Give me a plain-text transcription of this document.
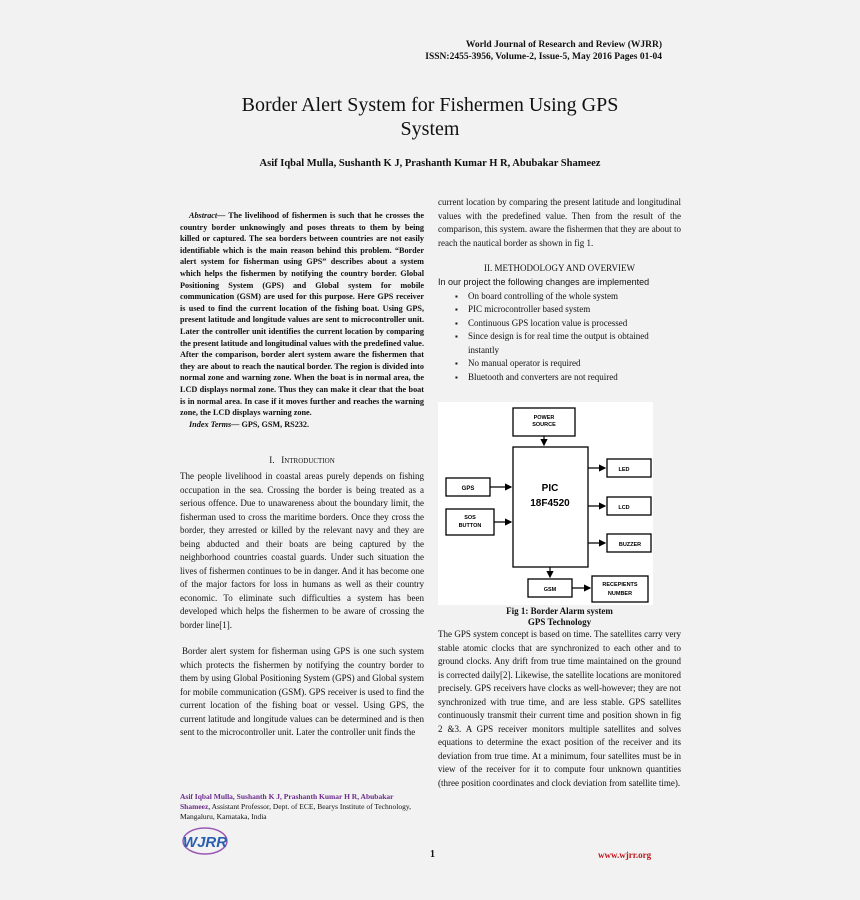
World Journal of Research and Review (WJRR)
ISSN:2455-3956, Volume-2, Issue-5, May 2016 Pages 01-04
Border Alert System for Fishermen Using GPS
System
Asif Iqbal Mulla, Sushanth K J, Prashanth Kumar H R, Abubakar Shameez
Abstract— The livelihood of fishermen is such that he crosses the country border unknowingly and poses threats to them by being killed or captured. The sea borders between countries are not easily identifiable which is the main reason behind this problem. “Border alert system for fisherman using GPS” describes about a system which helps the fishermen by notifying the country border. Global Positioning System (GPS) and Global system for mobile communication (GSM) are used for this purpose. Here GPS receiver is used to find the current location of the fishing boat. Using GPS, present latitude and longitude values are sent to microcontroller unit. Later the controller unit identifies the current location by comparing the present latitude and longitudinal values with the predefined value. After the comparison, border alert system aware the fishermen that they are about to reach the nautical border. The region is divided into normal zone and warning zone. When the boat is in normal area, the LCD displays normal zone. Thus they can make it clear that the boat is in normal area. In case if it moves further and reaches the warning zone, the LCD displays warning zone.
Index Terms— GPS, GSM, RS232.
I. INTRODUCTION
The people livelihood in coastal areas purely depends on fishing occupation in the sea. Crossing the border is being treated as a serious offence. Due to unawareness about the boundary limit, the fisherman used to cross the maritime borders. Once they cross the border, they arrested or killed by the relevant navy and they are being abducted and their boats are being captured by the neighborhood countries coastal guards. Under such situation the lives of fishermen continues to be in danger. And it has become one of the major factors for loss in humans as well as their country economic. To eliminate such difficulties a system has been developed which helps the fishermen to be aware of crossing the border line[1].
Border alert system for fisherman using GPS is one such system which protects the fishermen by notifying the country border to them by using Global Positioning System (GPS) and Global system for mobile communication (GSM). GPS receiver is used to find the current location of the fishing boat or vessel. Using GPS, the current latitude and longitude values can be determined and is then sent to the microcontroller unit. Later the controller unit finds the
Asif Iqbal Mulla, Sushanth K J, Prashanth Kumar H R, Abubakar Shameez, Assistant Professor, Dept. of ECE, Bearys Institute of Technology, Mangaluru, Karnataka, India
WJRR
current location by comparing the present latitude and longitudinal values with the predefined value. Then from the result of the comparison, this system. aware the fishermen that they are about to reach the nautical border as shown in fig 1.
II. METHODOLOGY AND OVERVIEW
In our project the following changes are implemented
▪ On board controlling of the whole system
▪ PIC microcontroller based system
▪ Continuous GPS location value is processed
▪ Since design is for real time the output is obtained instantly
▪ No manual operator is required
▪ Bluetooth and converters are not required
POWER
SOURCE
PIC
18F4520
GPS
SOS
BUTTON
LED
LCD
BUZZER
GSM
RECEPIENTS
NUMBER
Fig 1: Border Alarm system
GPS Technology
The GPS system concept is based on time. The satellites carry very stable atomic clocks that are synchronized to each other and to ground clocks. Any drift from true time maintained on the ground is corrected daily[2]. Likewise, the satellite locations are monitored precisely. GPS receivers have clocks as well-however; they are not synchronized with true time, and are less stable. GPS satellites continuously transmit their current time and position shown in fig 2 &3. A GPS receiver monitors multiple satellites and solves equations to determine the exact position of the receiver and its deviation from true time. At a minimum, four satellites must be in view of the receiver for it to compute four unknown quantities (three position coordinates and clock deviation from satellite time).
1	www.wjrr.org
